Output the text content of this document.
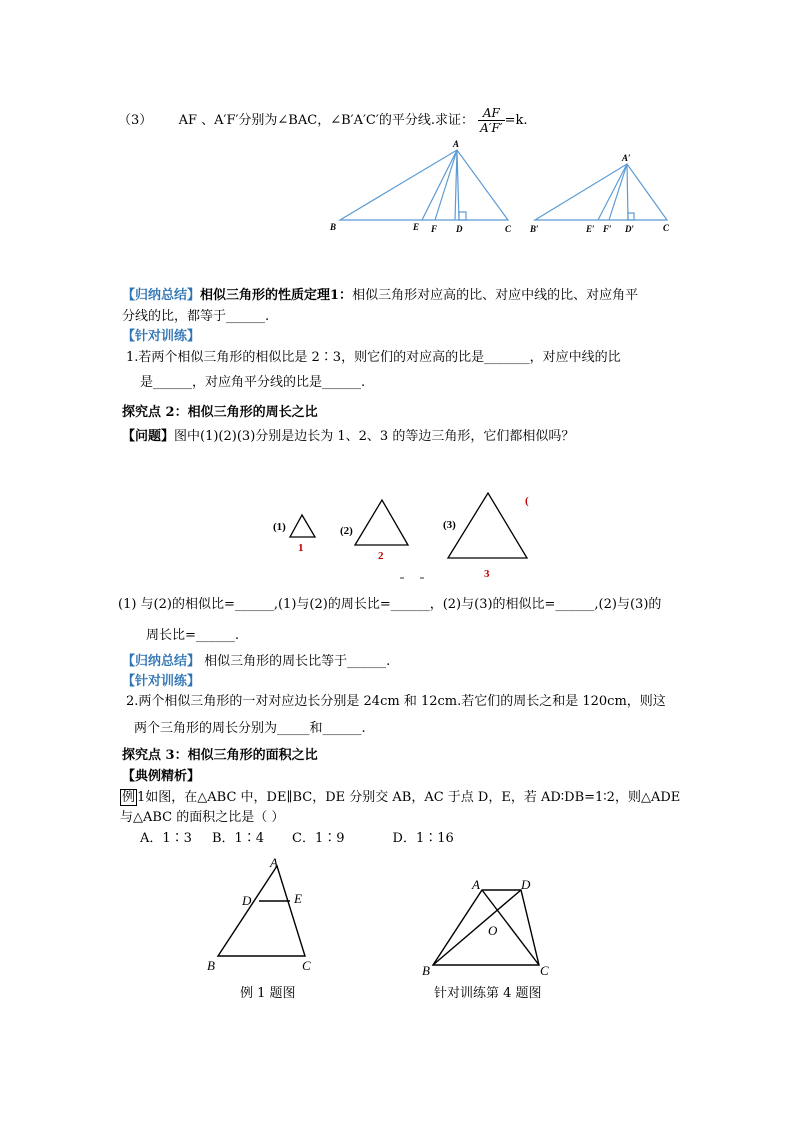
（3） AF 、A′F′分别为∠BAC，∠B′A′C′的平分线.求证： $\frac{AF}{A'F'} =k$.
A
B	E F D	C
A′
B′	E′ F′ D′	C
【归纳总结】相似三角形的性质定理1：相似三角形对应高的比、对应中线的比、对应角平
分线的比，都等于______.
【针对训练】
1.若两个相似三角形的相似比是 2∶3，则它们的对应高的比是_______，对应中线的比
是______，对应角平分线的比是______.
探究点 2：相似三角形的周长之比
【问题】图中(1)(2)(3)分别是边长为 1、2、3 的等边三角形，它们都相似吗？
(1)	(2)	(3)
1
2
3
(
(1) 与(2)的相似比=______,(1)与(2)的周长比=______，(2)与(3)的相似比=______,(2)与(3)的
周长比=______.
【归纳总结】 相似三角形的周长比等于______.
【针对训练】
2.两个相似三角形的一对对应边长分别是 24cm 和 12cm.若它们的周长之和是 120cm，则这
两个三角形的周长分别为_____和______.
探究点 3：相似三角形的面积之比
【典例精析】
例 1如图，在△ABC 中，DE∥BC，DE 分别交 AB，AC 于点 D，E，若 AD∶DB=1∶2，则△ADE
与△ABC 的面积之比是（ ）
A．1∶3 B．1∶4 C．1∶9	D．1∶16
A
D	E
B	C
例 1 题图
A	D
O
B	C
针对训练第 4 题图
